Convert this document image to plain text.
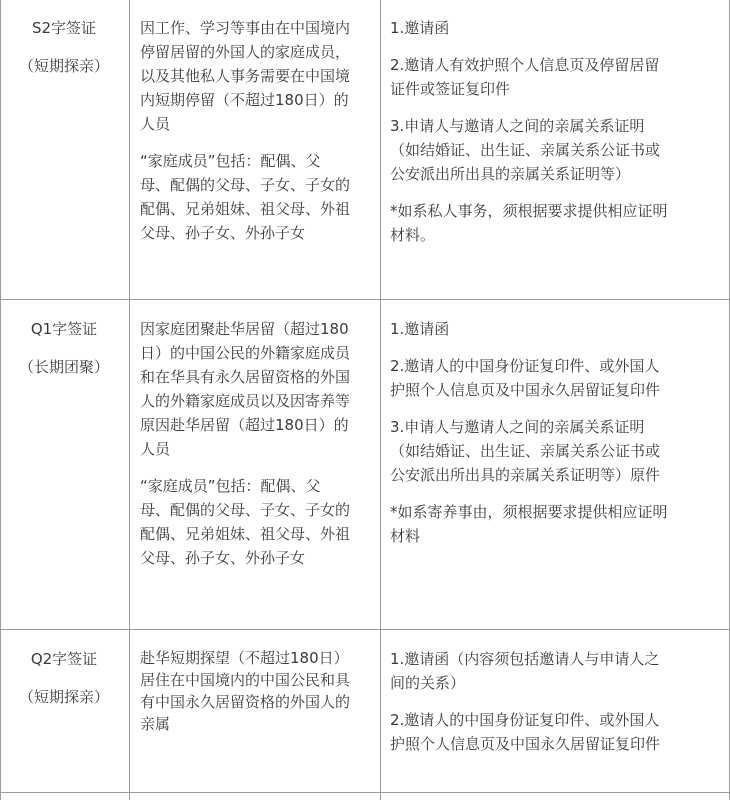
S2字签证

（短期探亲）

因工作、学习等事由在中国境内

停留居留的外国人的家庭成员，

以及其他私人事务需要在中国境

内短期停留（不超过180日）的

人员

“家庭成员”包括：配偶、父

母、配偶的父母、子女、子女的

配偶、兄弟姐妹、祖父母、外祖

父母、孙子女、外孙子女

1.邀请函

2.邀请人有效护照个人信息页及停留居留

证件或签证复印件

3.申请人与邀请人之间的亲属关系证明

（如结婚证、出生证、亲属关系公证书或

公安派出所出具的亲属关系证明等）

*如系私人事务，须根据要求提供相应证明

材料。

Q1字签证

（长期团聚）

因家庭团聚赴华居留（超过180

日）的中国公民的外籍家庭成员

和在华具有永久居留资格的外国

人的外籍家庭成员以及因寄养等

原因赴华居留（超过180日）的

人员

“家庭成员”包括：配偶、父

母、配偶的父母、子女、子女的

配偶、兄弟姐妹、祖父母、外祖

父母、孙子女、外孙子女

1.邀请函

2.邀请人的中国身份证复印件、或外国人

护照个人信息页及中国永久居留证复印件

3.申请人与邀请人之间的亲属关系证明

（如结婚证、出生证、亲属关系公证书或

公安派出所出具的亲属关系证明等）原件

*如系寄养事由，须根据要求提供相应证明

材料

Q2字签证

（短期探亲）

赴华短期探望（不超过180日）

居住在中国境内的中国公民和具

有中国永久居留资格的外国人的

亲属

1.邀请函（内容须包括邀请人与申请人之

间的关系）

2.邀请人的中国身份证复印件、或外国人

护照个人信息页及中国永久居留证复印件
